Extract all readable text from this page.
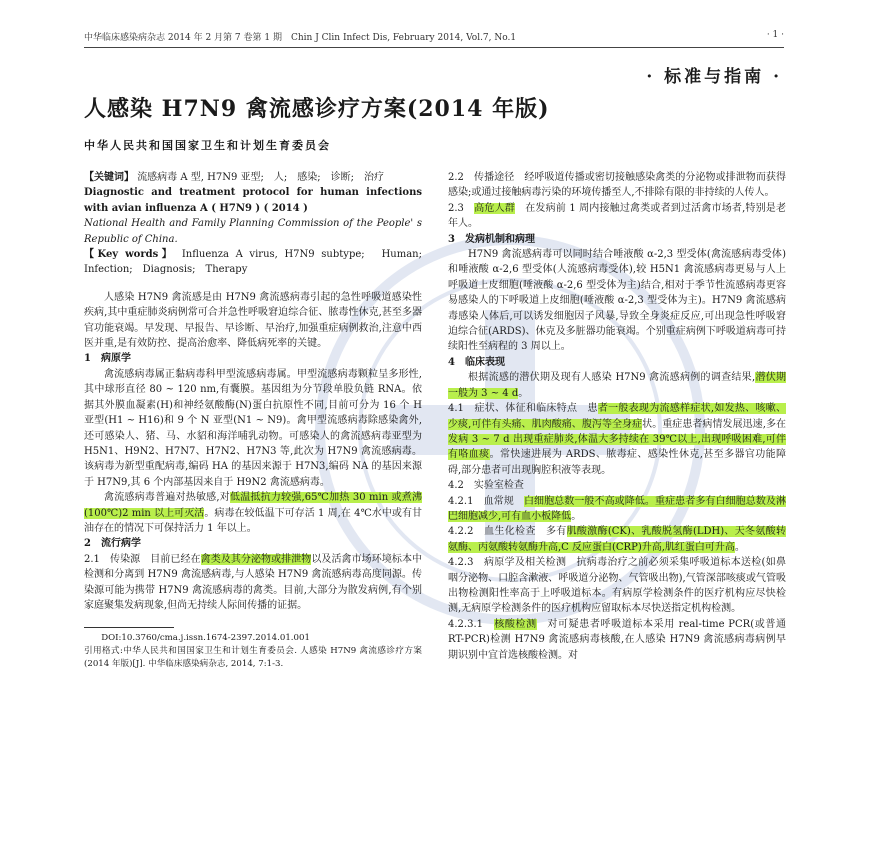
中华临床感染病杂志 2014 年 2 月第 7 卷第 1 期　Chin J Clin Infect Dis, February 2014, Vol.7, No.1	· 1 ·
· 标准与指南 ·
人感染 H7N9 禽流感诊疗方案(2014 年版)
中华人民共和国国家卫生和计划生育委员会

【关键词】 流感病毒 A 型, H7N9 亚型;　人;　感染;　诊断;　治疗

Diagnostic and treatment protocol for human infections with avian influenza A ( H7N9 ) ( 2014 )

National Health and Family Planning Commission of the People' s Republic of China.

【Key words】 Influenza A virus, H7N9 subtype;　Human; Infection;　Diagnosis;　Therapy

人感染 H7N9 禽流感是由 H7N9 禽流感病毒引起的急性呼吸道感染性疾病,其中重症肺炎病例常可合并急性呼吸窘迫综合征、脓毒性休克,甚至多器官功能衰竭。早发现、早报告、早诊断、早治疗,加强重症病例救治,注意中西医并重,是有效防控、提高治愈率、降低病死率的关键。

1　病原学

禽流感病毒属正黏病毒科甲型流感病毒属。甲型流感病毒颗粒呈多形性,其中球形直径 80 ~ 120 nm,有囊膜。基因组为分节段单股负链 RNA。依据其外膜血凝素(H)和神经氨酸酶(N)蛋白抗原性不同,目前可分为 16 个 H 亚型(H1 ~ H16)和 9 个 N 亚型(N1 ~ N9)。禽甲型流感病毒除感染禽外,还可感染人、猪、马、水貂和海洋哺乳动物。可感染人的禽流感病毒亚型为 H5N1、H9N2、H7N7、H7N2、H7N3 等,此次为 H7N9 禽流感病毒。该病毒为新型重配病毒,编码 HA 的基因来源于 H7N3,编码 NA 的基因来源于 H7N9,其 6 个内部基因来自于 H9N2 禽流感病毒。

禽流感病毒普遍对热敏感,对低温抵抗力较强,65℃加热 30 min 或煮沸(100℃)2 min 以上可灭活。病毒在较低温下可存活 1 周,在 4℃水中或有甘油存在的情况下可保持活力 1 年以上。

2　流行病学

2.1　传染源　目前已经在禽类及其分泌物或排泄物以及活禽市场环境标本中检测和分离到 H7N9 禽流感病毒,与人感染 H7N9 禽流感病毒高度同源。传染源可能为携带 H7N9 禽流感病毒的禽类。目前,大部分为散发病例,有个别家庭聚集发病现象,但尚无持续人际间传播的证据。

DOI:10.3760/cma.j.issn.1674-2397.2014.01.001

引用格式:中华人民共和国国家卫生和计划生育委员会. 人感染 H7N9 禽流感诊疗方案(2014 年版)[J]. 中华临床感染病杂志, 2014, 7:1-3.

2.2　传播途径　经呼吸道传播或密切接触感染禽类的分泌物或排泄物而获得感染;或通过接触病毒污染的环境传播至人,不排除有限的非持续的人传人。

2.3　高危人群　在发病前 1 周内接触过禽类或者到过活禽市场者,特别是老年人。

3　发病机制和病理

H7N9 禽流感病毒可以同时结合唾液酸 α-2,3 型受体(禽流感病毒受体)和唾液酸 α-2,6 型受体(人流感病毒受体),较 H5N1 禽流感病毒更易与人上呼吸道上皮细胞(唾液酸 α-2,6 型受体为主)结合,相对于季节性流感病毒更容易感染人的下呼吸道上皮细胞(唾液酸 α-2,3 型受体为主)。H7N9 禽流感病毒感染人体后,可以诱发细胞因子风暴,导致全身炎症反应,可出现急性呼吸窘迫综合征(ARDS)、休克及多脏器功能衰竭。个别重症病例下呼吸道病毒可持续阳性至病程的 3 周以上。

4　临床表现

根据流感的潜伏期及现有人感染 H7N9 禽流感病例的调查结果,潜伏期一般为 3 ~ 4 d。

4.1　症状、体征和临床特点　患者一般表现为流感样症状,如发热、咳嗽、少痰,可伴有头痛、肌肉酸痛、腹泻等全身症状。重症患者病情发展迅速,多在发病 3 ~ 7 d 出现重症肺炎,体温大多持续在 39℃以上,出现呼吸困难,可伴有咯血痰。常快速进展为 ARDS、脓毒症、感染性休克,甚至多器官功能障碍,部分患者可出现胸腔积液等表现。

4.2　实验室检查

4.2.1　血常规　白细胞总数一般不高或降低。重症患者多有白细胞总数及淋巴细胞减少,可有血小板降低。

4.2.2　血生化检查　多有肌酸激酶(CK)、乳酸脱氢酶(LDH)、天冬氨酸转氨酶、丙氨酸转氨酶升高,C 反应蛋白(CRP)升高,肌红蛋白可升高。

4.2.3　病原学及相关检测　抗病毒治疗之前必须采集呼吸道标本送检(如鼻咽分泌物、口腔含漱液、呼吸道分泌物、气管吸出物),气管深部咳痰或气管吸出物检测阳性率高于上呼吸道标本。有病原学检测条件的医疗机构应尽快检测,无病原学检测条件的医疗机构应留取标本尽快送指定机构检测。

4.2.3.1　核酸检测　对可疑患者呼吸道标本采用 real-time PCR(或普通 RT-PCR)检测 H7N9 禽流感病毒核酸,在人感染 H7N9 禽流感病毒病例早期识别中宜首选核酸检测。对
